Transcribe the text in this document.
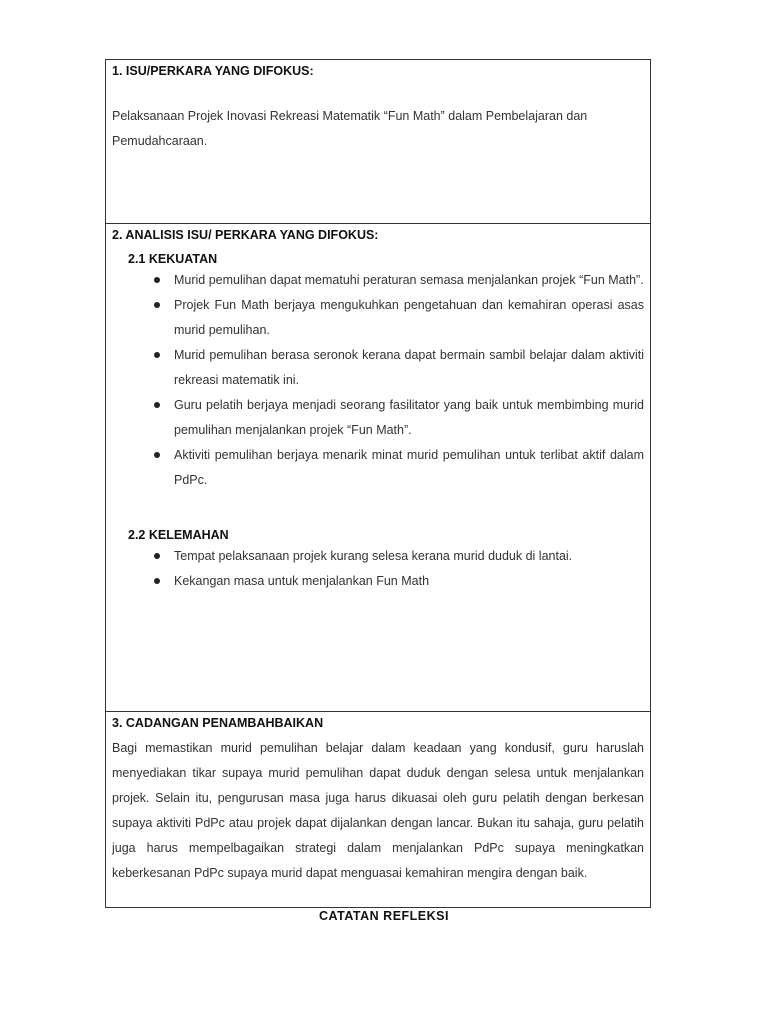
1. ISU/PERKARA YANG DIFOKUS:

Pelaksanaan Projek Inovasi Rekreasi Matematik “Fun Math” dalam Pembelajaran dan Pemudahcaraan.

2. ANALISIS ISU/ PERKARA YANG DIFOKUS:
2.1 KEKUATAN
Murid pemulihan dapat mematuhi peraturan semasa menjalankan projek “Fun Math”.
Projek Fun Math berjaya mengukuhkan pengetahuan dan kemahiran operasi asas murid pemulihan.
Murid pemulihan berasa seronok kerana dapat bermain sambil belajar dalam aktiviti rekreasi matematik ini.
Guru pelatih berjaya menjadi seorang fasilitator yang baik untuk membimbing murid pemulihan menjalankan projek “Fun Math”.
Aktiviti pemulihan berjaya menarik minat murid pemulihan untuk terlibat aktif dalam PdPc.
2.2 KELEMAHAN
Tempat pelaksanaan projek kurang selesa kerana murid duduk di lantai.
Kekangan masa untuk menjalankan Fun Math
3. CADANGAN PENAMBAHBAIKAN

Bagi memastikan murid pemulihan belajar dalam keadaan yang kondusif, guru haruslah menyediakan tikar supaya murid pemulihan dapat duduk dengan selesa untuk menjalankan projek. Selain itu, pengurusan masa juga harus dikuasai oleh guru pelatih dengan berkesan supaya aktiviti PdPc atau projek dapat dijalankan dengan lancar. Bukan itu sahaja, guru pelatih juga harus mempelbagaikan strategi dalam menjalankan PdPc supaya meningkatkan keberkesanan PdPc supaya murid dapat menguasai kemahiran mengira dengan baik.

CATATAN REFLEKSI
